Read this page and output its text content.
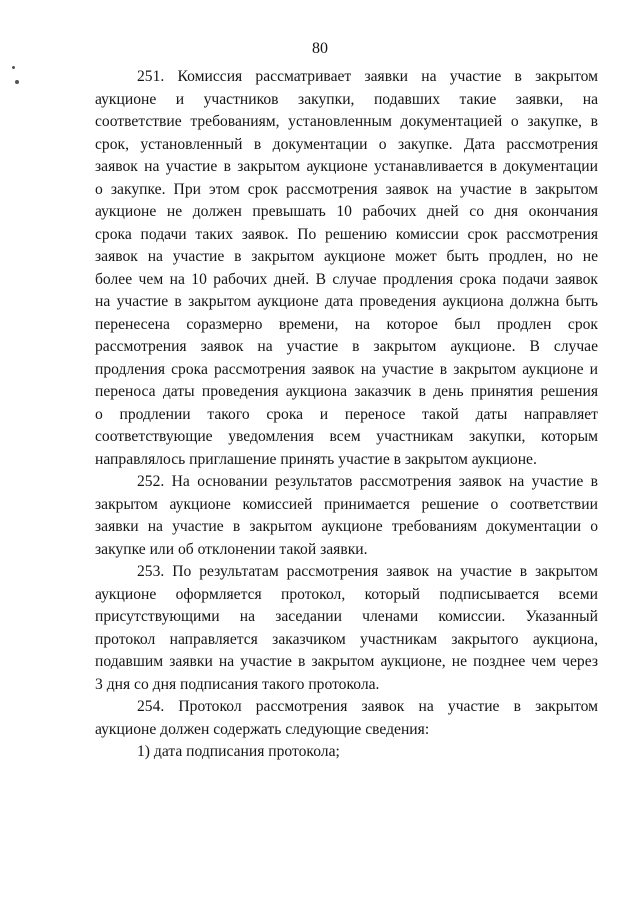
80
251. Комиссия рассматривает заявки на участие в закрытом
аукционе и участников закупки, подавших такие заявки, на
соответствие требованиям, установленным документацией о закупке, в
срок, установленный в документации о закупке. Дата рассмотрения
заявок на участие в закрытом аукционе устанавливается в документации
о закупке. При этом срок рассмотрения заявок на участие в закрытом
аукционе не должен превышать 10 рабочих дней со дня окончания
срока подачи таких заявок. По решению комиссии срок рассмотрения
заявок на участие в закрытом аукционе может быть продлен, но не
более чем на 10 рабочих дней. В случае продления срока подачи заявок
на участие в закрытом аукционе дата проведения аукциона должна быть
перенесена соразмерно времени, на которое был продлен срок
рассмотрения заявок на участие в закрытом аукционе. В случае
продления срока рассмотрения заявок на участие в закрытом аукционе и
переноса даты проведения аукциона заказчик в день принятия решения
о продлении такого срока и переносе такой даты направляет
соответствующие уведомления всем участникам закупки, которым
направлялось приглашение принять участие в закрытом аукционе.
252. На основании результатов рассмотрения заявок на участие в
закрытом аукционе комиссией принимается решение о соответствии
заявки на участие в закрытом аукционе требованиям документации о
закупке или об отклонении такой заявки.
253. По результатам рассмотрения заявок на участие в закрытом
аукционе оформляется протокол, который подписывается всеми
присутствующими на заседании членами комиссии. Указанный
протокол направляется заказчиком участникам закрытого аукциона,
подавшим заявки на участие в закрытом аукционе, не позднее чем через
3 дня со дня подписания такого протокола.
254. Протокол рассмотрения заявок на участие в закрытом
аукционе должен содержать следующие сведения:
1) дата подписания протокола;
